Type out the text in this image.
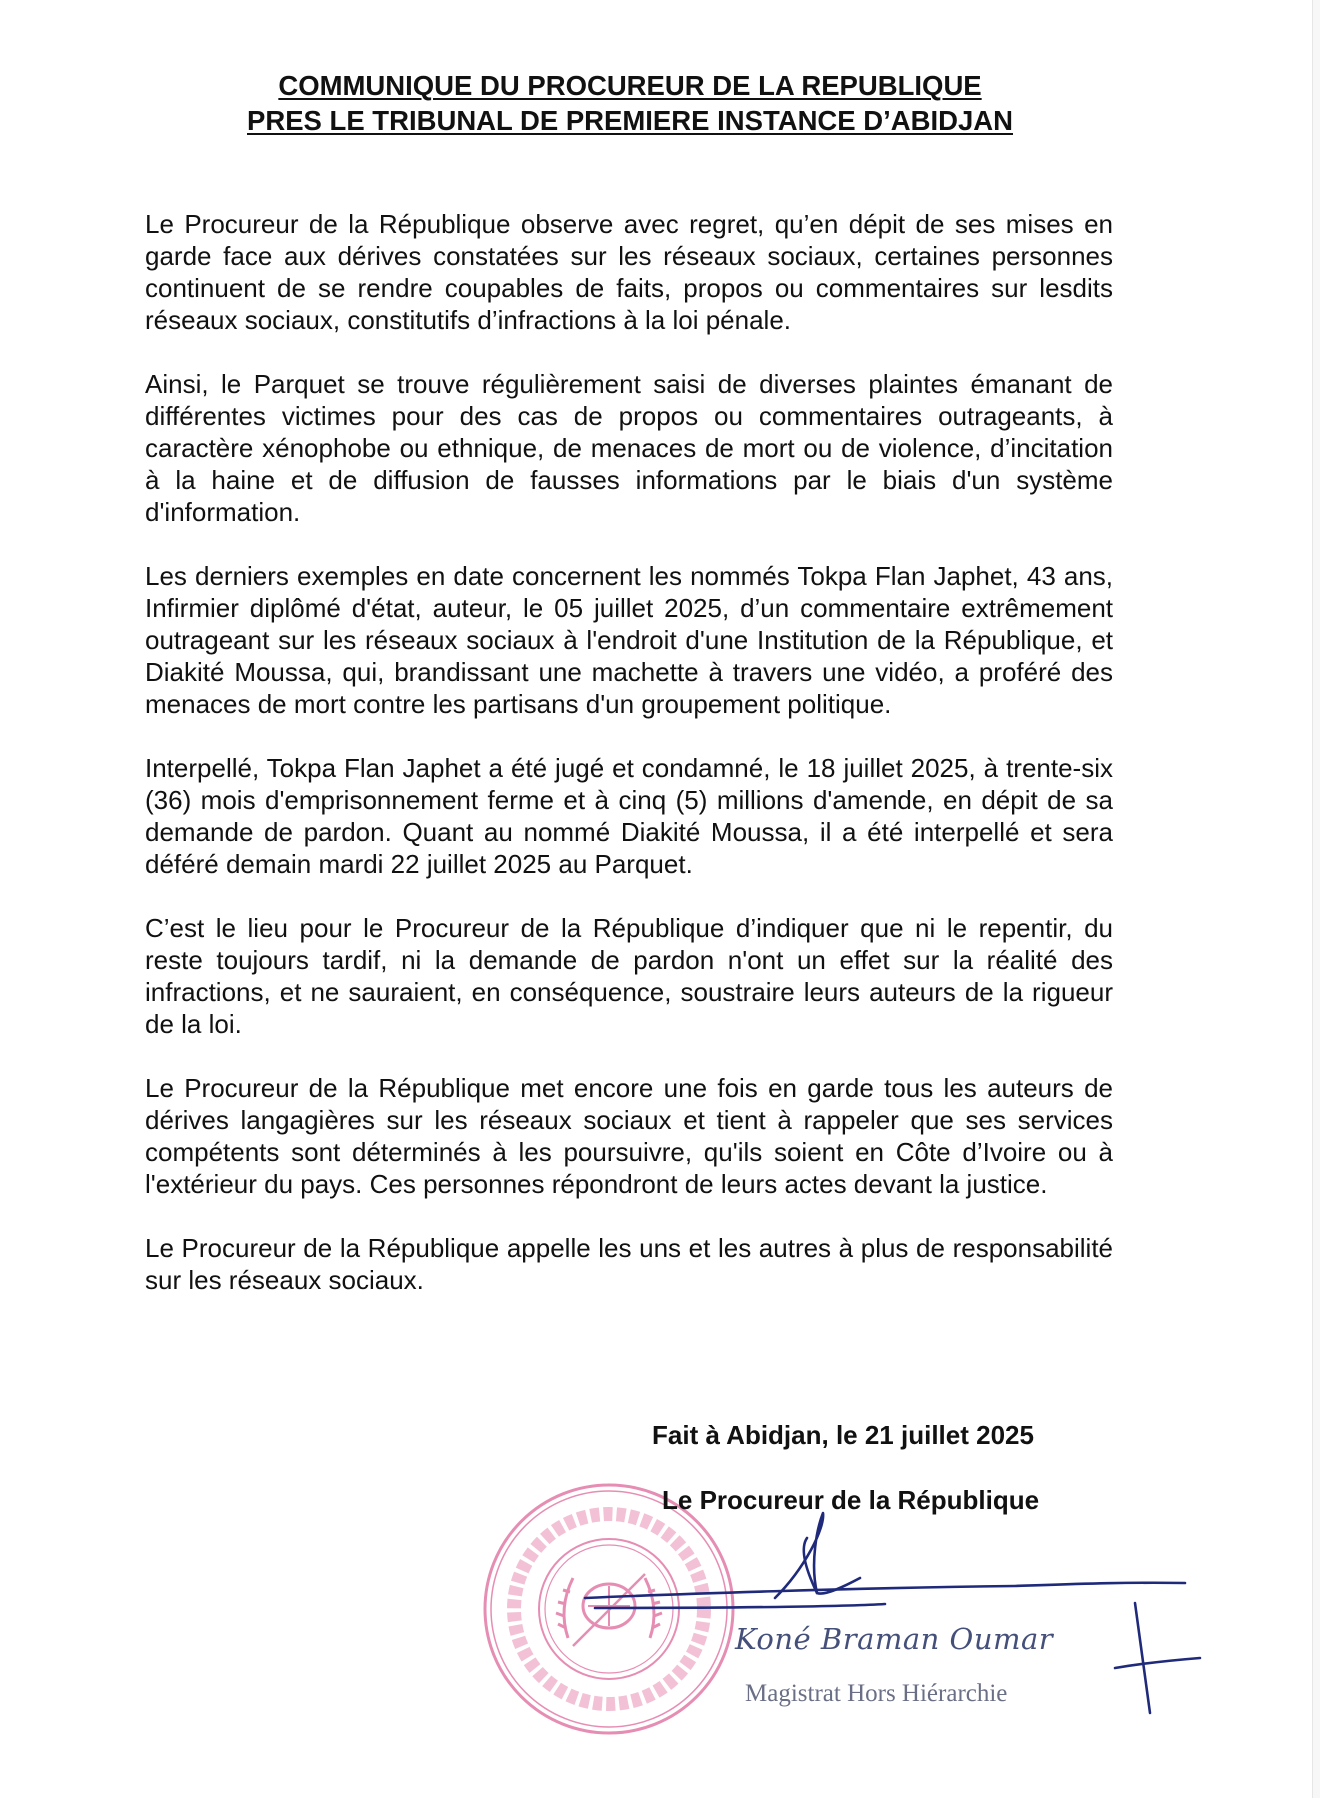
COMMUNIQUE DU PROCUREUR DE LA REPUBLIQUE
PRES LE TRIBUNAL DE PREMIERE INSTANCE D’ABIDJAN

Le Procureur de la République observe avec regret, qu’en dépit de ses mises en garde face aux dérives constatées sur les réseaux sociaux, certaines personnes continuent de se rendre coupables de faits, propos ou commentaires sur lesdits réseaux sociaux, constitutifs d’infractions à la loi pénale.

Ainsi, le Parquet se trouve régulièrement saisi de diverses plaintes émanant de différentes victimes pour des cas de propos ou commentaires outrageants, à caractère xénophobe ou ethnique, de menaces de mort ou de violence, d’incitation à la haine et de diffusion de fausses informations par le biais d'un système d'information.

Les derniers exemples en date concernent les nommés Tokpa Flan Japhet, 43 ans, Infirmier diplômé d'état, auteur, le 05 juillet 2025, d’un commentaire extrêmement outrageant sur les réseaux sociaux à l'endroit d'une Institution de la République, et Diakité Moussa, qui, brandissant une machette à travers une vidéo, a proféré des menaces de mort contre les partisans d'un groupement politique.

Interpellé, Tokpa Flan Japhet a été jugé et condamné, le 18 juillet 2025, à trente-six (36) mois d'emprisonnement ferme et à cinq (5) millions d'amende, en dépit de sa demande de pardon. Quant au nommé Diakité Moussa, il a été interpellé et sera déféré demain mardi 22 juillet 2025 au Parquet.

C’est le lieu pour le Procureur de la République d’indiquer que ni le repentir, du reste toujours tardif, ni la demande de pardon n'ont un effet sur la réalité des infractions, et ne sauraient, en conséquence, soustraire leurs auteurs de la rigueur de la loi.

Le Procureur de la République met encore une fois en garde tous les auteurs de dérives langagières sur les réseaux sociaux et tient à rappeler que ses services compétents sont déterminés à les poursuivre, qu'ils soient en Côte d’Ivoire ou à l'extérieur du pays. Ces personnes répondront de leurs actes devant la justice.

Le Procureur de la République appelle les uns et les autres à plus de responsabilité sur les réseaux sociaux.

Fait à Abidjan, le 21 juillet 2025
Le Procureur de la République
Koné Braman Oumar
Magistrat Hors Hiérarchie
